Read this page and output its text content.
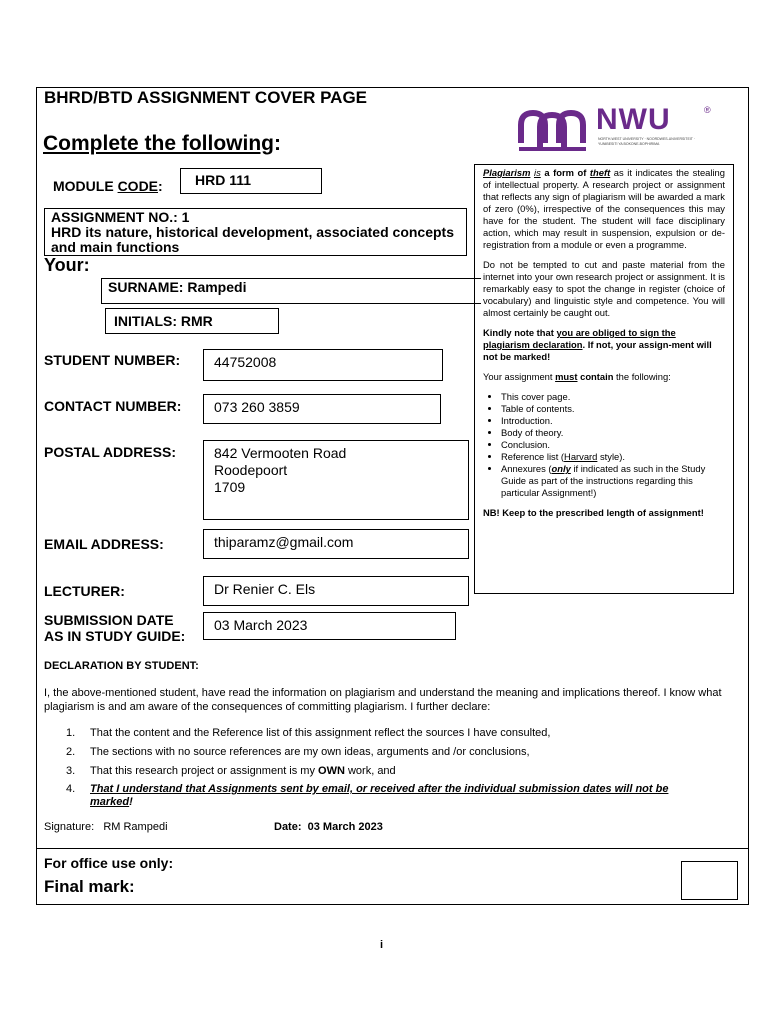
BHRD/BTD ASSIGNMENT COVER PAGE
Complete the following:
NWU	®
NORTH-WEST UNIVERSITY · NOORDWES-UNIVERSITEIT · YUNIBESITI YA BOKONE-BOPHIRIMA
MODULE CODE:	HRD 111
ASSIGNMENT NO.: 1
HRD its nature, historical development, associated concepts
and main functions
Your:
SURNAME: Rampedi
INITIALS: RMR
STUDENT NUMBER:	44752008
CONTACT NUMBER:	073 260 3859
POSTAL ADDRESS:	842 Vermooten Road
Roodepoort
1709
EMAIL ADDRESS:	thiparamz@gmail.com
LECTURER:	Dr Renier C. Els
SUBMISSION DATE
AS IN STUDY GUIDE:
03 March 2023

Plagiarism is a form of theft as it indicates the stealing of intellectual property. A research project or assignment that reflects any sign of plagiarism will be awarded a mark of zero (0%), irrespective of the consequences this may have for the student. The student will face disciplinary action, which may result in suspension, expulsion or de-registration from a module or even a programme.

Do not be tempted to cut and paste material from the internet into your own research project or assignment. It is remarkably easy to spot the change in register (choice of vocabulary) and linguistic style and competence. You will almost certainly be caught out.

Kindly note that you are obliged to sign the plagiarism declaration. If not, your assign-ment will not be marked!

Your assignment must contain the following:

• This cover page.
• Table of contents.
• Introduction.
• Body of theory.
• Conclusion.
• Reference list (Harvard style).
• Annexures (only if indicated as such in the Study Guide as part of the instructions regarding this particular Assignment!)

NB! Keep to the prescribed length of assignment!

DECLARATION BY STUDENT:
I, the above-mentioned student, have read the information on plagiarism and understand the meaning and implications thereof. I know what plagiarism is and am aware of the consequences of committing plagiarism. I further declare:
1. That the content and the Reference list of this assignment reflect the sources I have consulted,
2. The sections with no source references are my own ideas, arguments and /or conclusions,
3. That this research project or assignment is my OWN work, and
4. That I understand that Assignments sent by email, or received after the individual submission dates will not be marked!
Signature: RM Rampedi	Date: 03 March 2023
For office use only:
Final mark:
i
